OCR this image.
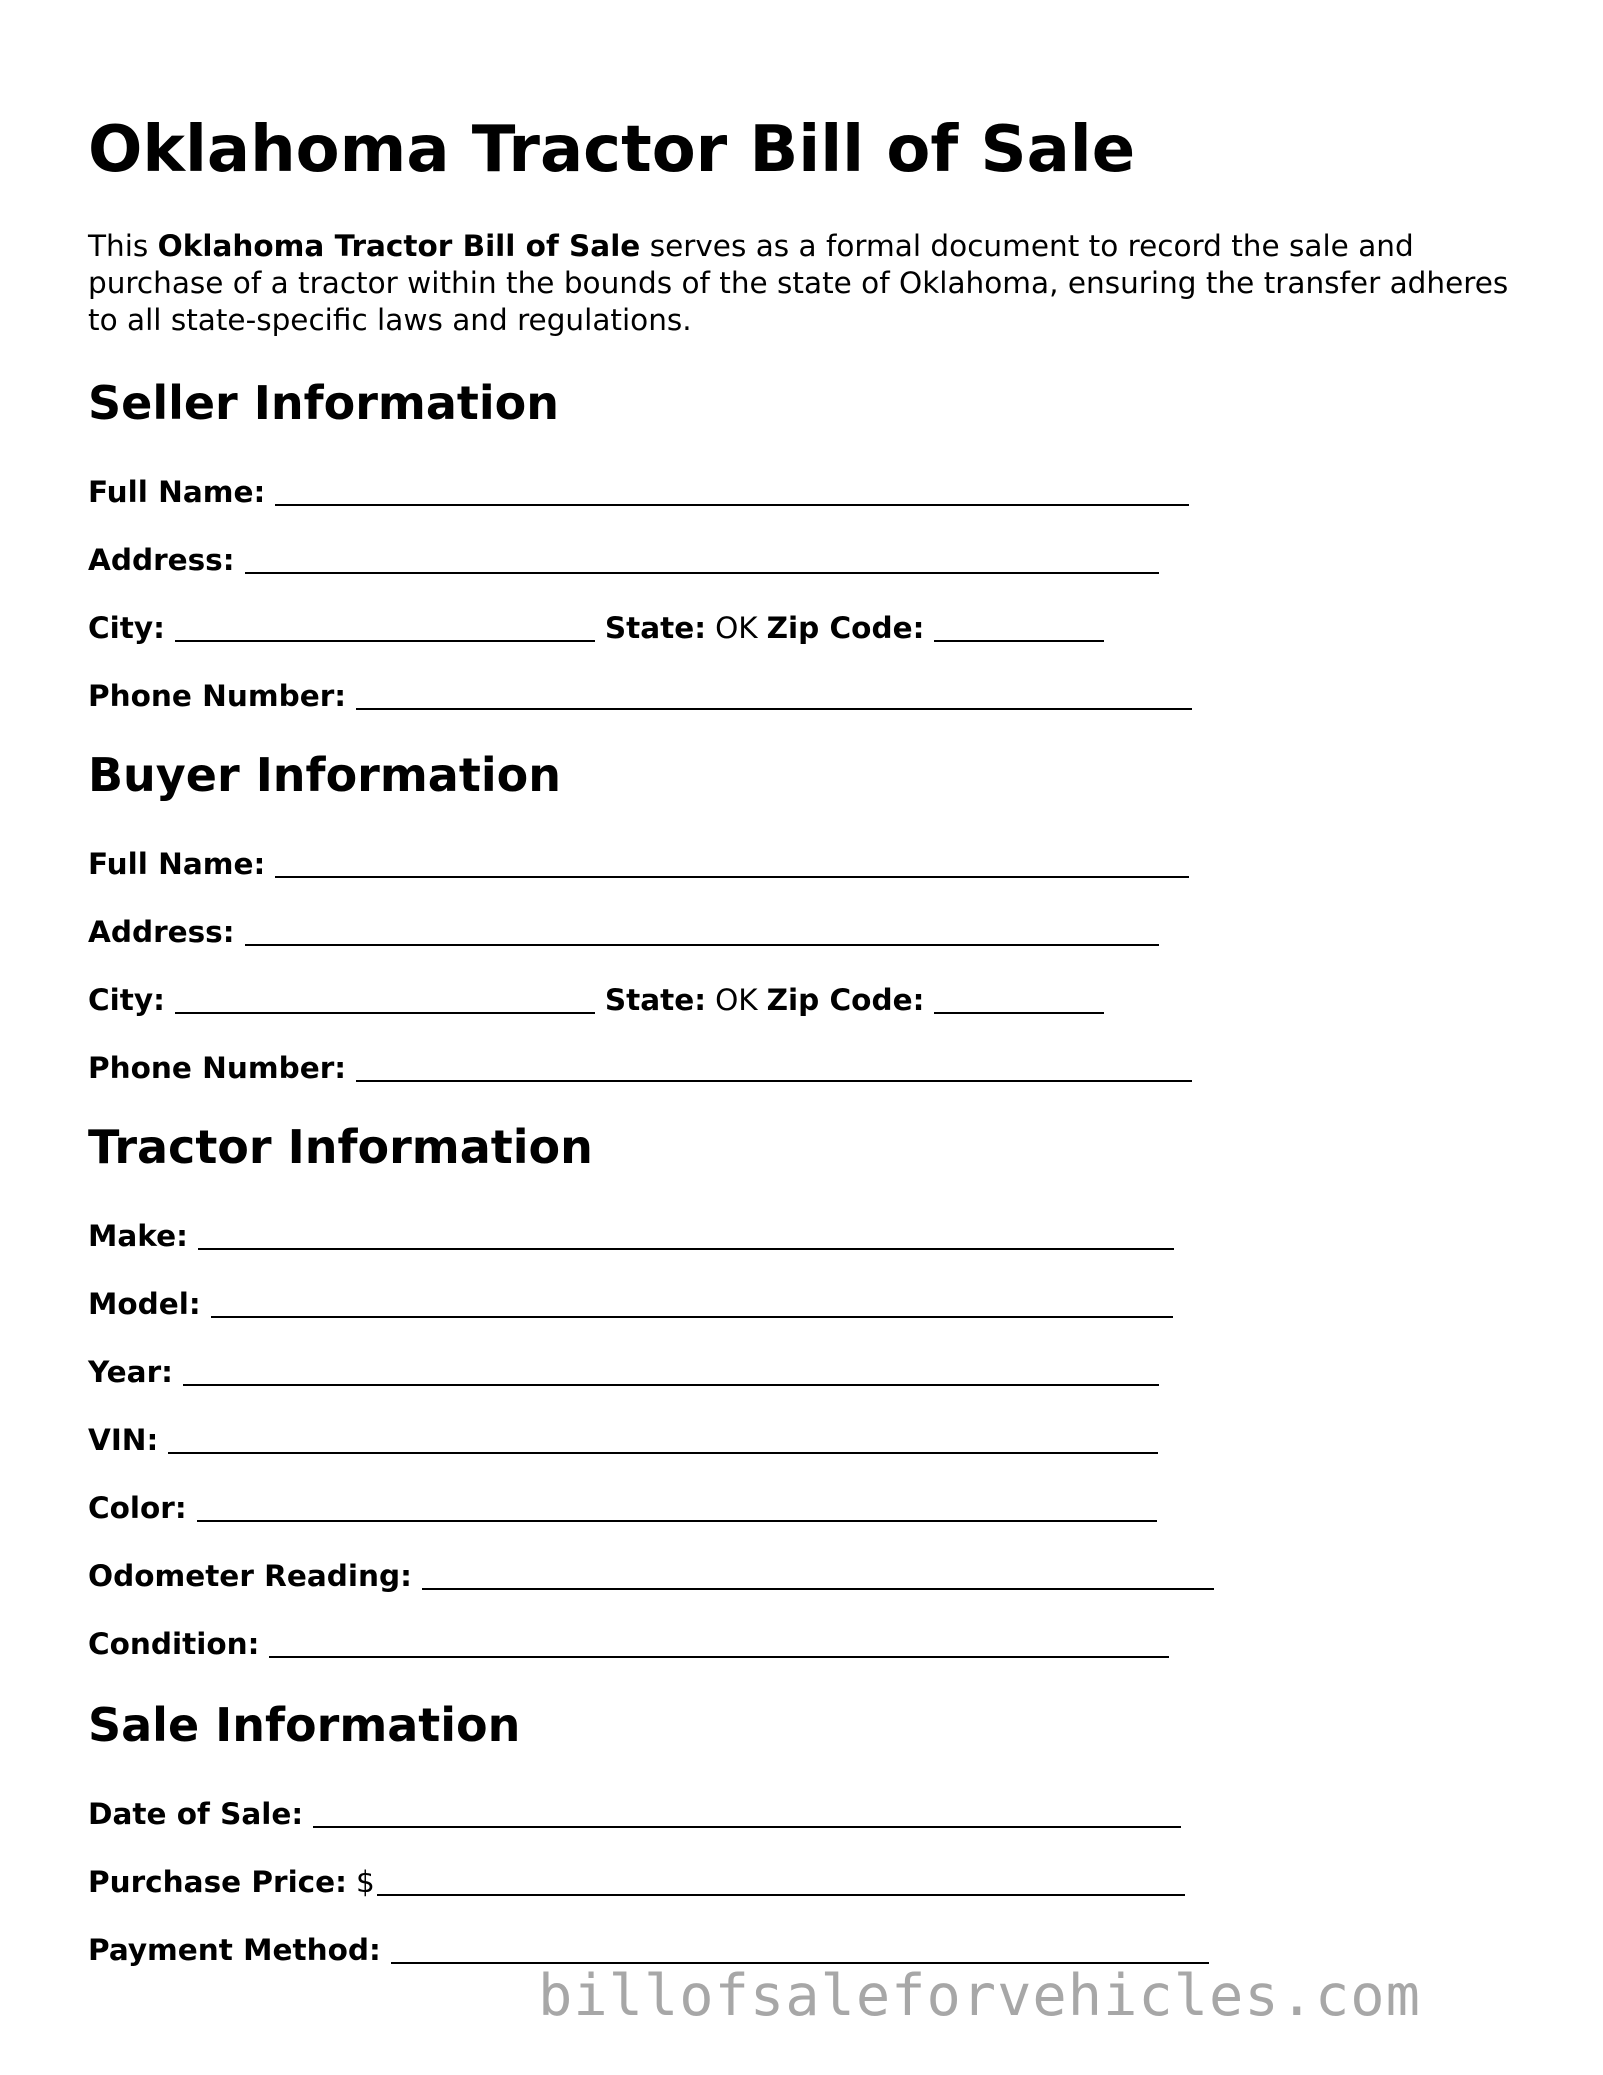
Oklahoma Tractor Bill of Sale

This Oklahoma Tractor Bill of Sale serves as a formal document to record the sale and purchase of a tractor within the bounds of the state of Oklahoma, ensuring the transfer adheres to all state-specific laws and regulations.

Seller Information
Full Name:
Address:
City:	State: OK Zip Code:
Phone Number:
Buyer Information
Full Name:
Address:
City:	State: OK Zip Code:
Phone Number:
Tractor Information
Make:
Model:
Year:
VIN:
Color:
Odometer Reading:
Condition:
Sale Information
Date of Sale:
Purchase Price: $
Payment Method:
billofsaleforvehicles.com
